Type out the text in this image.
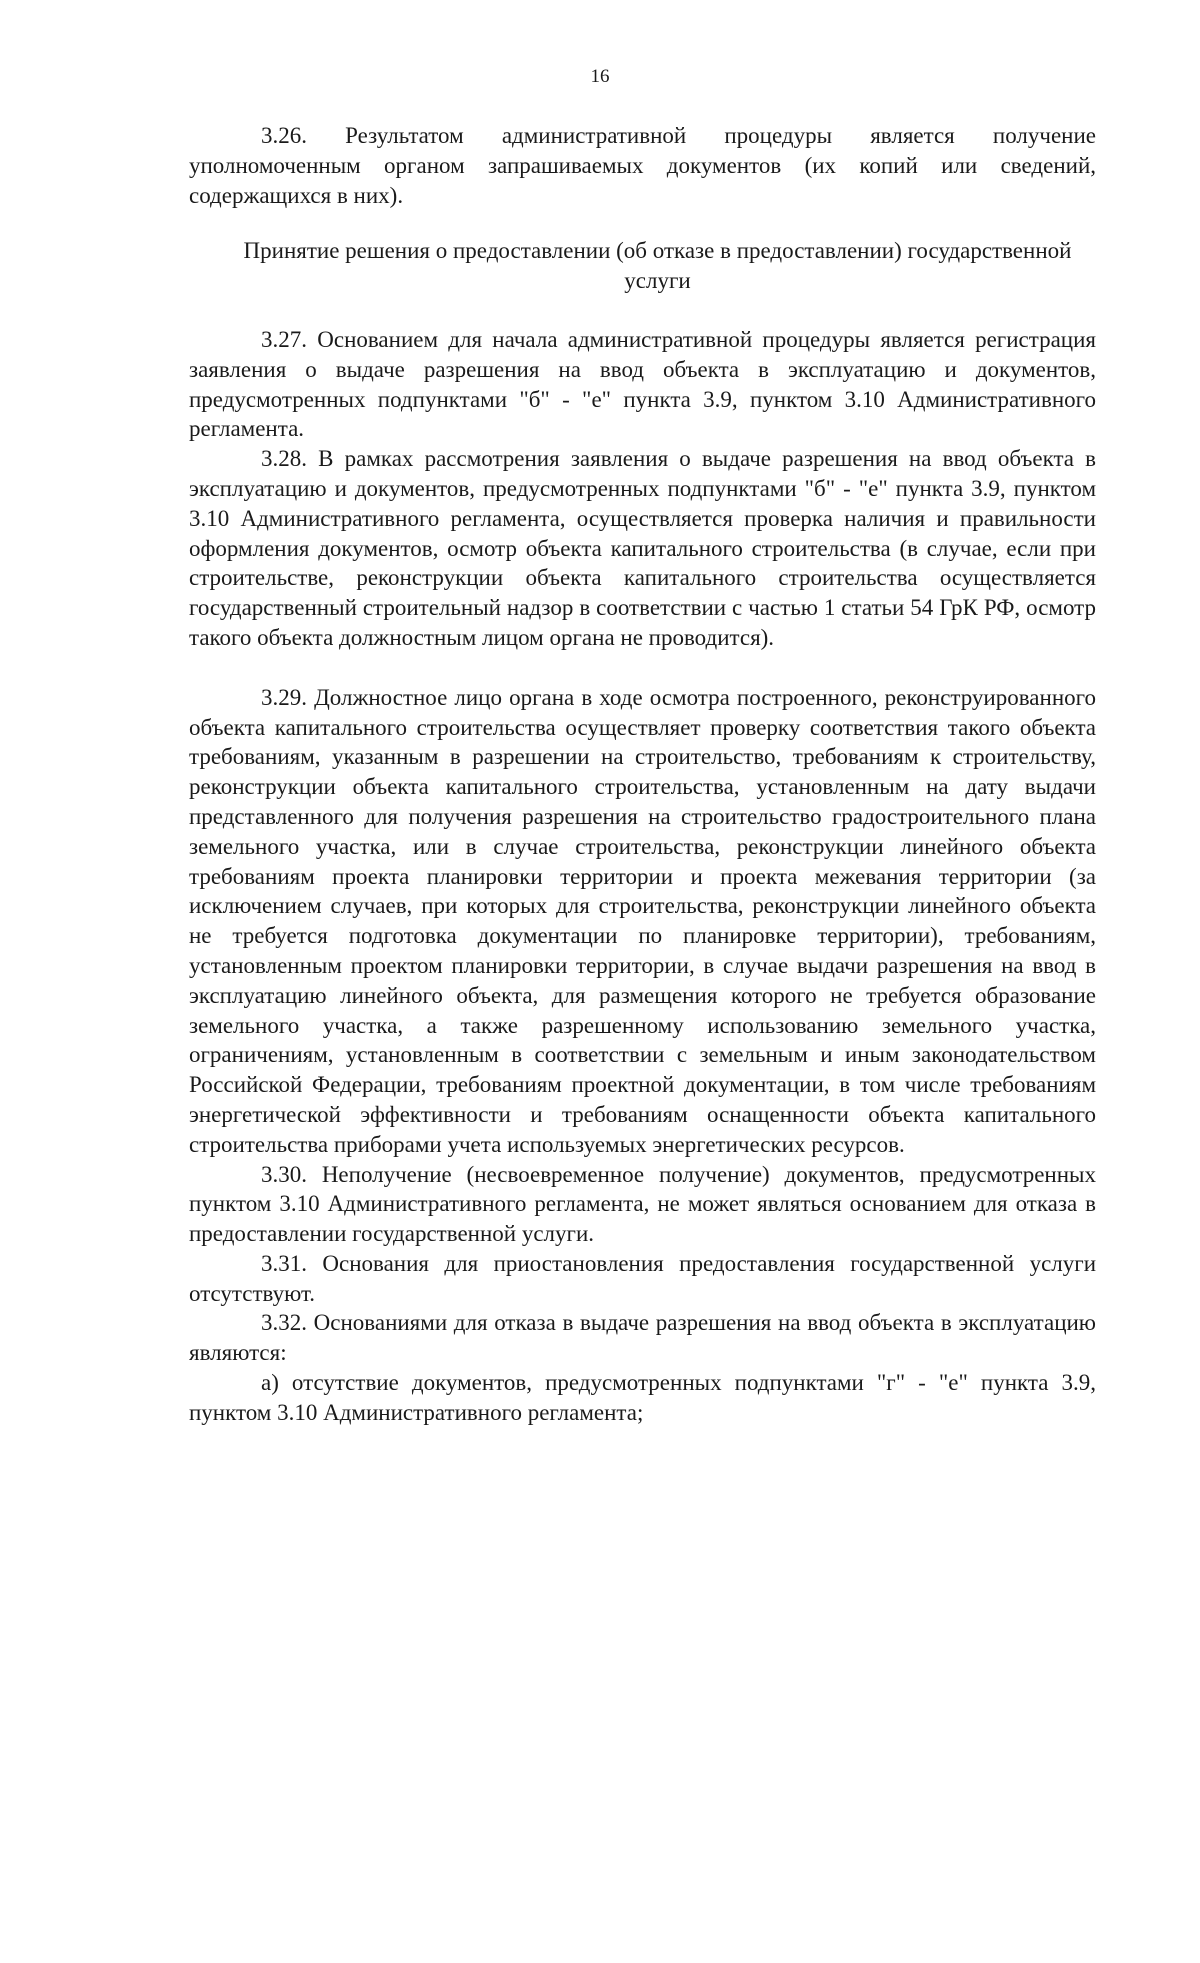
16

3.26. Результатом административной процедуры является получение уполномоченным органом запрашиваемых документов (их копий или сведений, содержащихся в них).

Принятие решения о предоставлении (об отказе в предоставлении) государственной услуги

3.27. Основанием для начала административной процедуры является регистрация заявления о выдаче разрешения на ввод объекта в эксплуатацию и документов, предусмотренных подпунктами "б" - "е" пункта 3.9, пунктом 3.10 Административного регламента.

3.28. В рамках рассмотрения заявления о выдаче разрешения на ввод объекта в эксплуатацию и документов, предусмотренных подпунктами "б" - "е" пункта 3.9, пунктом 3.10 Административного регламента, осуществляется проверка наличия и правильности оформления документов, осмотр объекта капитального строительства (в случае, если при строительстве, реконструкции объекта капитального строительства осуществляется государственный строительный надзор в соответствии с частью 1 статьи 54 ГрК РФ, осмотр такого объекта должностным лицом органа не проводится).

3.29. Должностное лицо органа в ходе осмотра построенного, реконструированного объекта капитального строительства осуществляет проверку соответствия такого объекта требованиям, указанным в разрешении на строительство, требованиям к строительству, реконструкции объекта капитального строительства, установленным на дату выдачи представленного для получения разрешения на строительство градостроительного плана земельного участка, или в случае строительства, реконструкции линейного объекта требованиям проекта планировки территории и проекта межевания территории (за исключением случаев, при которых для строительства, реконструкции линейного объекта не требуется подготовка документации по планировке территории), требованиям, установленным проектом планировки территории, в случае выдачи разрешения на ввод в эксплуатацию линейного объекта, для размещения которого не требуется образование земельного участка, а также разрешенному использованию земельного участка, ограничениям, установленным в соответствии с земельным и иным законодательством Российской Федерации, требованиям проектной документации, в том числе требованиям энергетической эффективности и требованиям оснащенности объекта капитального строительства приборами учета используемых энергетических ресурсов.

3.30. Неполучение (несвоевременное получение) документов, предусмотренных пунктом 3.10 Административного регламента, не может являться основанием для отказа в предоставлении государственной услуги.

3.31. Основания для приостановления предоставления государственной услуги отсутствуют.

3.32. Основаниями для отказа в выдаче разрешения на ввод объекта в эксплуатацию являются:

а) отсутствие документов, предусмотренных подпунктами "г" - "е" пункта 3.9, пунктом 3.10 Административного регламента;
